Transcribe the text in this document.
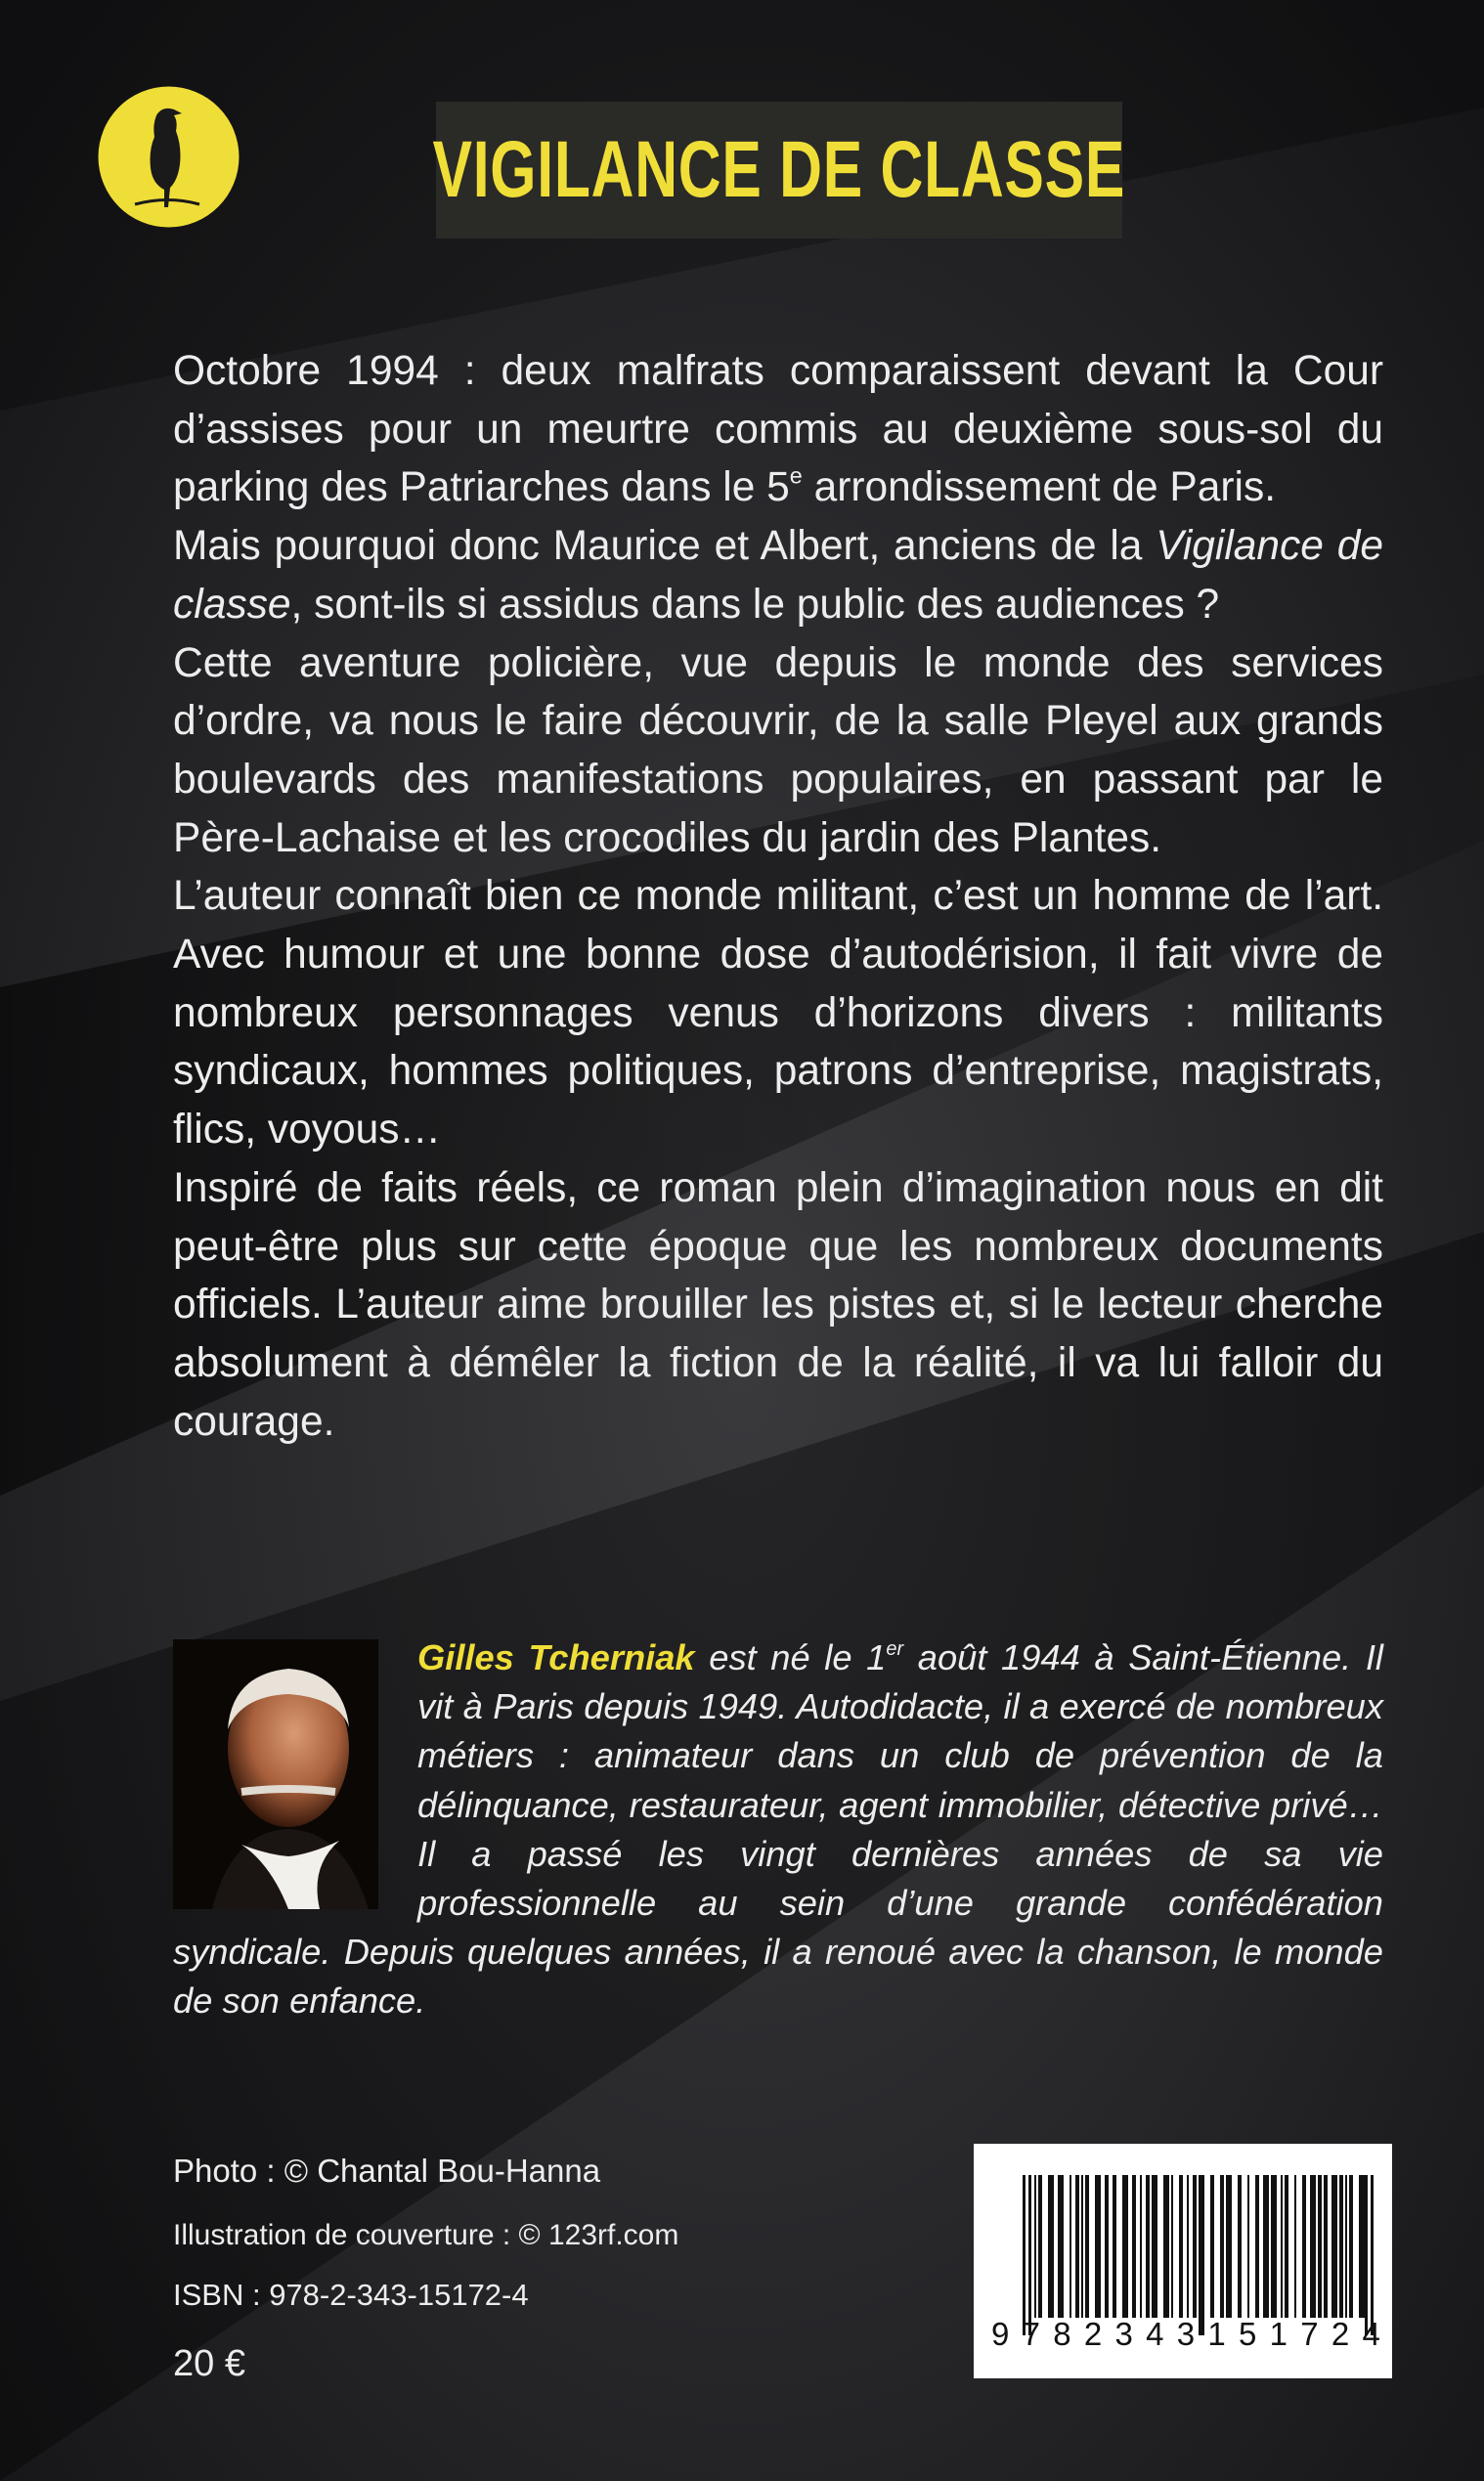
VIGILANCE DE CLASSE

Octobre 1994 : deux malfrats comparaissent devant la Cour d’assises pour un meurtre commis au deuxième sous-sol du parking des Patriarches dans le 5e arrondissement de Paris.

Mais pourquoi donc Maurice et Albert, anciens de la Vigilance de classe, sont-ils si assidus dans le public des audiences ?

Cette aventure policière, vue depuis le monde des services d’ordre, va nous le faire découvrir, de la salle Pleyel aux grands boulevards des manifestations populaires, en passant par le Père-Lachaise et les crocodiles du jardin des Plantes.

L’auteur connaît bien ce monde militant, c’est un homme de l’art. Avec humour et une bonne dose d’autodérision, il fait vivre de nombreux personnages venus d’horizons divers : militants syndicaux, hommes politiques, patrons d’entreprise, magistrats, flics, voyous…

Inspiré de faits réels, ce roman plein d’imagination nous en dit peut-être plus sur cette époque que les nombreux documents officiels. L’auteur aime brouiller les pistes et, si le lecteur cherche absolument à démêler la fiction de la réalité, il va lui falloir du courage.

Gilles Tcherniak est né le 1er août 1944 à Saint-Étienne. Il vit à Paris depuis 1949. Autodidacte, il a exercé de nombreux métiers : animateur dans un club de prévention de la délinquance, restaurateur, agent immobilier, détective privé… Il a passé les vingt dernières années de sa vie professionnelle au sein d’une grande confédération syndicale. Depuis quelques années, il a renoué avec la chanson, le monde de son enfance.

Photo : © Chantal Bou-Hanna
Illustration de couverture : © 123rf.com
ISBN : 978-2-343-15172-4
20 €
9 7 8 2 3 4 3 1 5 1 7 2 4
